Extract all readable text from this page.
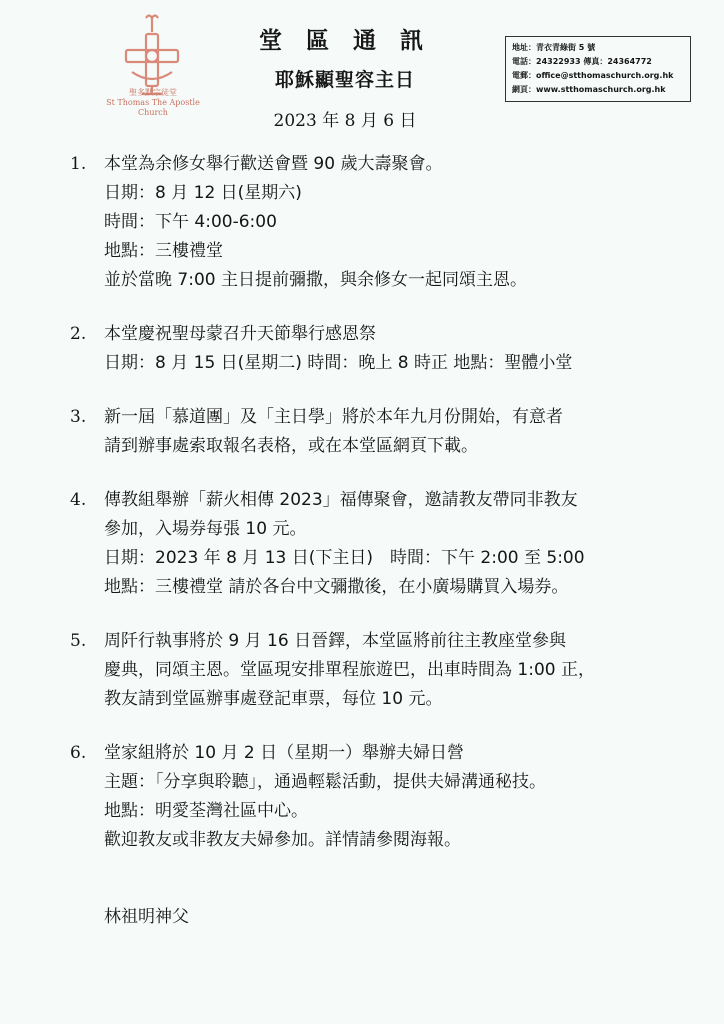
聖多默宗徒堂
St Thomas The Apostle Church
堂 區 通 訊
耶穌顯聖容主日
2023 年 8 月 6 日
地址：青衣青綠街 5 號
電話：24322933 傳真：24364772
電郵：office@stthomaschurch.org.hk
網頁：www.stthomaschurch.org.hk
1. 本堂為余修女舉行歡送會暨 90 歲大壽聚會。

日期：8 月 12 日(星期六)

時間：下午 4:00-6:00

地點：三樓禮堂

並於當晚 7:00 主日提前彌撒，與余修女一起同頌主恩。

2. 本堂慶祝聖母蒙召升天節舉行感恩祭

日期：8 月 15 日(星期二) 時間：晚上 8 時正 地點：聖體小堂

3. 新一屆「慕道團」及「主日學」將於本年九月份開始，有意者

請到辦事處索取報名表格，或在本堂區網頁下載。

4. 傳教組舉辦「薪火相傳 2023」福傳聚會，邀請教友帶同非教友

參加，入場券每張 10 元。

日期：2023 年 8 月 13 日(下主日)　時間：下午 2:00 至 5:00

地點：三樓禮堂 請於各台中文彌撒後，在小廣場購買入場券。

5. 周阡行執事將於 9 月 16 日晉鐸，本堂區將前往主教座堂參與

慶典，同頌主恩。堂區現安排單程旅遊巴，出車時間為 1:00 正，

教友請到堂區辦事處登記車票，每位 10 元。

6. 堂家組將於 10 月 2 日（星期一）舉辦夫婦日營

主題：「分享與聆聽」，通過輕鬆活動，提供夫婦溝通秘技。

地點：明愛荃灣社區中心。

歡迎教友或非教友夫婦參加。詳情請參閱海報。

林祖明神父
